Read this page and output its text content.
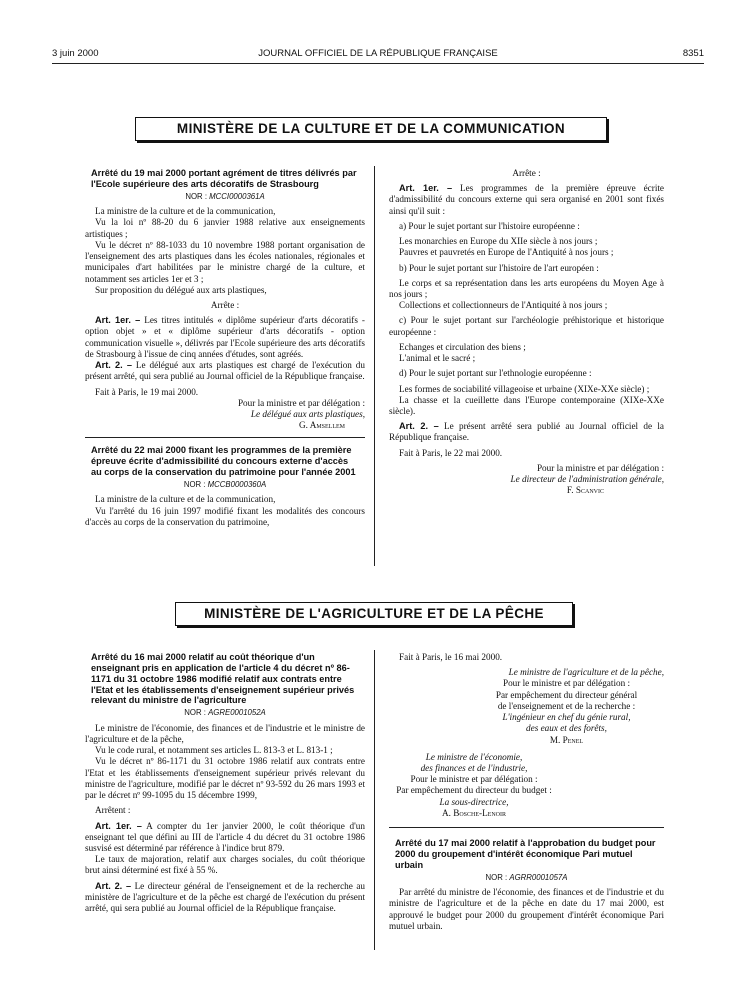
3 juin 2000	JOURNAL OFFICIEL DE LA RÉPUBLIQUE FRANÇAISE	8351
MINISTÈRE DE LA CULTURE ET DE LA COMMUNICATION
Arrêté du 19 mai 2000 portant agrément de titres délivrés par l'Ecole supérieure des arts décoratifs de Strasbourg
NOR : MCCI0000361A

La ministre de la culture et de la communication,

Vu la loi nº 88-20 du 6 janvier 1988 relative aux enseignements artistiques ;

Vu le décret nº 88-1033 du 10 novembre 1988 portant organisation de l'enseignement des arts plastiques dans les écoles nationales, régionales et municipales d'art habilitées par le ministre chargé de la culture, et notamment ses articles 1er et 3 ;

Sur proposition du délégué aux arts plastiques,

Arrête :

Art. 1er. – Les titres intitulés « diplôme supérieur d'arts décoratifs - option objet » et « diplôme supérieur d'arts décoratifs - option communication visuelle », délivrés par l'Ecole supérieure des arts décoratifs de Strasbourg à l'issue de cinq années d'études, sont agréés.

Art. 2. – Le délégué aux arts plastiques est chargé de l'exécution du présent arrêté, qui sera publié au Journal officiel de la République française.

Fait à Paris, le 19 mai 2000.

Pour la ministre et par délégation :

Le délégué aux arts plastiques,

G. Amsellem

Arrêté du 22 mai 2000 fixant les programmes de la première épreuve écrite d'admissibilité du concours externe d'accès au corps de la conservation du patrimoine pour l'année 2001
NOR : MCCB0000360A

La ministre de la culture et de la communication,

Vu l'arrêté du 16 juin 1997 modifié fixant les modalités des concours d'accès au corps de la conservation du patrimoine,

Arrête :

Art. 1er. – Les programmes de la première épreuve écrite d'admissibilité du concours externe qui sera organisé en 2001 sont fixés ainsi qu'il suit :

a) Pour le sujet portant sur l'histoire européenne :

Les monarchies en Europe du XIIe siècle à nos jours ;

Pauvres et pauvretés en Europe de l'Antiquité à nos jours ;

b) Pour le sujet portant sur l'histoire de l'art européen :

Le corps et sa représentation dans les arts européens du Moyen Age à nos jours ;

Collections et collectionneurs de l'Antiquité à nos jours ;

c) Pour le sujet portant sur l'archéologie préhistorique et historique européenne :

Echanges et circulation des biens ;

L'animal et le sacré ;

d) Pour le sujet portant sur l'ethnologie européenne :

Les formes de sociabilité villageoise et urbaine (XIXe-XXe siècle) ;

La chasse et la cueillette dans l'Europe contemporaine (XIXe-XXe siècle).

Art. 2. – Le présent arrêté sera publié au Journal officiel de la République française.

Fait à Paris, le 22 mai 2000.

Pour la ministre et par délégation :

Le directeur de l'administration générale,

F. Scanvic

MINISTÈRE DE L'AGRICULTURE ET DE LA PÊCHE
Arrêté du 16 mai 2000 relatif au coût théorique d'un enseignant pris en application de l'article 4 du décret nº 86-1171 du 31 octobre 1986 modifié relatif aux contrats entre l'Etat et les établissements d'enseignement supérieur privés relevant du ministre de l'agriculture
NOR : AGRE0001052A

Le ministre de l'économie, des finances et de l'industrie et le ministre de l'agriculture et de la pêche,

Vu le code rural, et notamment ses articles L. 813-3 et L. 813-1 ;

Vu le décret nº 86-1171 du 31 octobre 1986 relatif aux contrats entre l'Etat et les établissements d'enseignement supérieur privés relevant du ministre de l'agriculture, modifié par le décret nº 93-592 du 26 mars 1993 et par le décret nº 99-1095 du 15 décembre 1999,

Arrêtent :

Art. 1er. – A compter du 1er janvier 2000, le coût théorique d'un enseignant tel que défini au III de l'article 4 du décret du 31 octobre 1986 susvisé est déterminé par référence à l'indice brut 879.

Le taux de majoration, relatif aux charges sociales, du coût théorique brut ainsi déterminé est fixé à 55 %.

Art. 2. – Le directeur général de l'enseignement et de la recherche au ministère de l'agriculture et de la pêche est chargé de l'exécution du présent arrêté, qui sera publié au Journal officiel de la République française.

Fait à Paris, le 16 mai 2000.

Le ministre de l'agriculture et de la pêche,
Pour le ministre et par délégation :
Par empêchement du directeur général
de l'enseignement et de la recherche :
L'ingénieur en chef du génie rural,
des eaux et des forêts,
M. Penel
Le ministre de l'économie,
des finances et de l'industrie,
Pour le ministre et par délégation :
Par empêchement du directeur du budget :
La sous-directrice,
A. Bosche-Lenoir
Arrêté du 17 mai 2000 relatif à l'approbation du budget pour 2000 du groupement d'intérêt économique Pari mutuel urbain
NOR : AGRR0001057A

Par arrêté du ministre de l'économie, des finances et de l'industrie et du ministre de l'agriculture et de la pêche en date du 17 mai 2000, est approuvé le budget pour 2000 du groupement d'intérêt économique Pari mutuel urbain.
